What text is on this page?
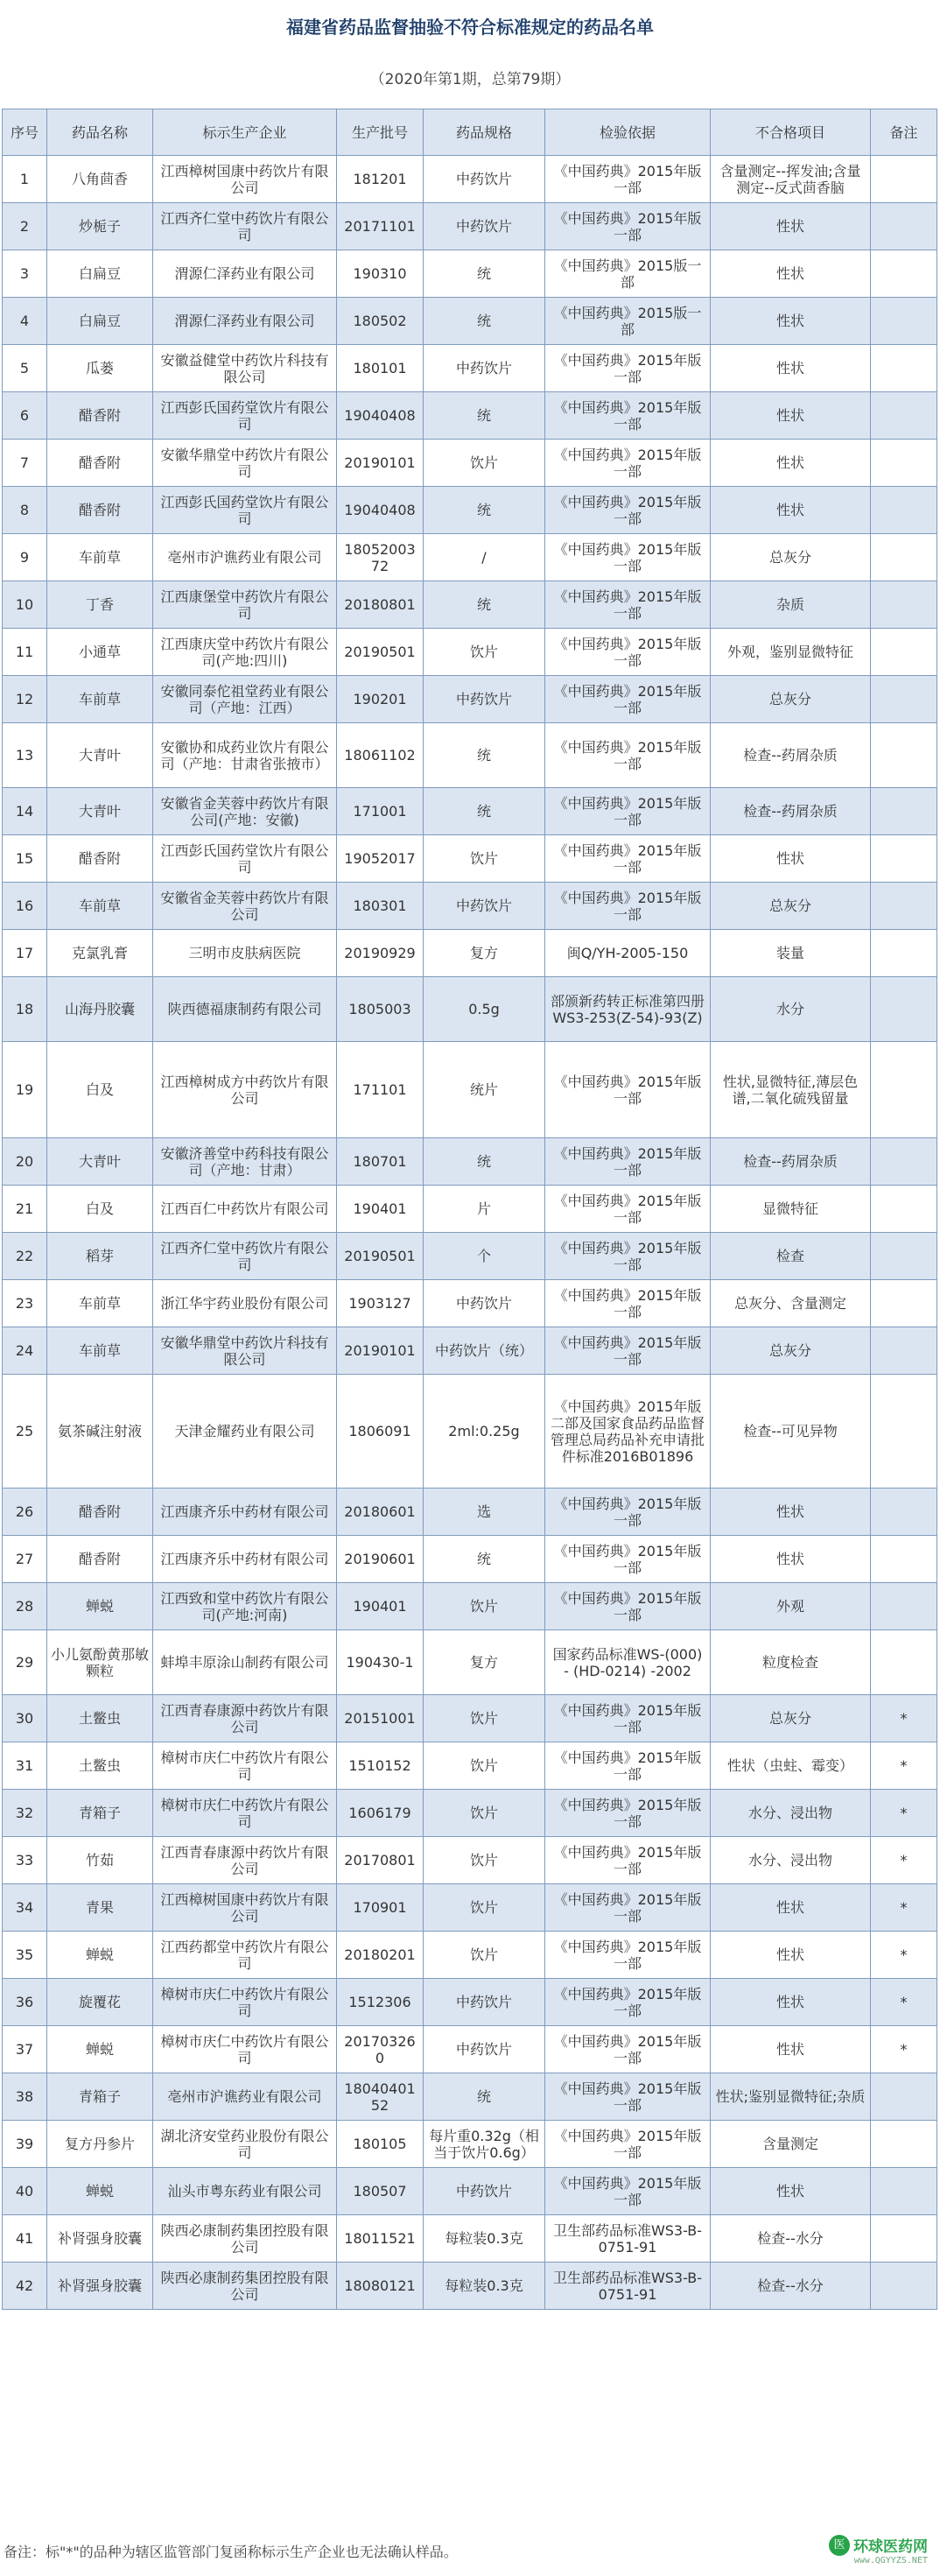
福建省药品监督抽验不符合标准规定的药品名单
（2020年第1期，总第79期）
序号	药品名称	标示生产企业	生产批号	药品规格	检验依据	不合格项目	备注
1	八角茴香	江西樟树国康中药饮片有限公司	181201	中药饮片	《中国药典》2015年版一部	含量测定--挥发油;含量测定--反式茴香脑	
2	炒栀子	江西齐仁堂中药饮片有限公司	20171101	中药饮片	《中国药典》2015年版一部	性状	
3	白扁豆	渭源仁泽药业有限公司	190310	统	《中国药典》2015版一部	性状	
4	白扁豆	渭源仁泽药业有限公司	180502	统	《中国药典》2015版一部	性状	
5	瓜蒌	安徽益健堂中药饮片科技有限公司	180101	中药饮片	《中国药典》2015年版一部	性状	
6	醋香附	江西彭氏国药堂饮片有限公司	19040408	统	《中国药典》2015年版一部	性状	
7	醋香附	安徽华鼎堂中药饮片有限公司	20190101	饮片	《中国药典》2015年版一部	性状	
8	醋香附	江西彭氏国药堂饮片有限公司	19040408	统	《中国药典》2015年版一部	性状	
9	车前草	亳州市沪谯药业有限公司	1805200372	/	《中国药典》2015年版一部	总灰分	
10	丁香	江西康堡堂中药饮片有限公司	20180801	统	《中国药典》2015年版一部	杂质	
11	小通草	江西康庆堂中药饮片有限公司(产地:四川)	20190501	饮片	《中国药典》2015年版一部	外观，鉴别显微特征	
12	车前草	安徽同泰佗祖堂药业有限公司（产地：江西）	190201	中药饮片	《中国药典》2015年版一部	总灰分	
13	大青叶	安徽协和成药业饮片有限公司（产地：甘肃省张掖市）	18061102	统	《中国药典》2015年版一部	检查--药屑杂质	
14	大青叶	安徽省金芙蓉中药饮片有限公司(产地：安徽)	171001	统	《中国药典》2015年版一部	检查--药屑杂质	
15	醋香附	江西彭氏国药堂饮片有限公司	19052017	饮片	《中国药典》2015年版一部	性状	
16	车前草	安徽省金芙蓉中药饮片有限公司	180301	中药饮片	《中国药典》2015年版一部	总灰分	
17	克氯乳膏	三明市皮肤病医院	20190929	复方	闽Q/YH-2005-150	装量	
18	山海丹胶囊	陕西德福康制药有限公司	1805003	0.5g	部颁新药转正标准第四册WS3-253(Z-54)-93(Z)	水分	
19	白及	江西樟树成方中药饮片有限公司	171101	统片	《中国药典》2015年版一部	性状,显微特征,薄层色谱,二氧化硫残留量	
20	大青叶	安徽济善堂中药科技有限公司（产地：甘肃）	180701	统	《中国药典》2015年版一部	检查--药屑杂质	
21	白及	江西百仁中药饮片有限公司	190401	片	《中国药典》2015年版一部	显微特征	
22	稻芽	江西齐仁堂中药饮片有限公司	20190501	个	《中国药典》2015年版一部	检查	
23	车前草	浙江华宇药业股份有限公司	1903127	中药饮片	《中国药典》2015年版一部	总灰分、含量测定	
24	车前草	安徽华鼎堂中药饮片科技有限公司	20190101	中药饮片（统）	《中国药典》2015年版一部	总灰分	
25	氨茶碱注射液	天津金耀药业有限公司	1806091	2ml:0.25g	《中国药典》2015年版二部及国家食品药品监督管理总局药品补充申请批件标准2016B01896	检查--可见异物	
26	醋香附	江西康齐乐中药材有限公司	20180601	选	《中国药典》2015年版一部	性状	
27	醋香附	江西康齐乐中药材有限公司	20190601	统	《中国药典》2015年版一部	性状	
28	蝉蜕	江西致和堂中药饮片有限公司(产地:河南)	190401	饮片	《中国药典》2015年版一部	外观	
29	小儿氨酚黄那敏颗粒	蚌埠丰原涂山制药有限公司	190430-1	复方	国家药品标准WS-(000) - (HD-0214) -2002	粒度检查	
30	土鳖虫	江西青春康源中药饮片有限公司	20151001	饮片	《中国药典》2015年版一部	总灰分	*
31	土鳖虫	樟树市庆仁中药饮片有限公司	1510152	饮片	《中国药典》2015年版一部	性状（虫蛀、霉变）	*
32	青箱子	樟树市庆仁中药饮片有限公司	1606179	饮片	《中国药典》2015年版一部	水分、浸出物	*
33	竹茹	江西青春康源中药饮片有限公司	20170801	饮片	《中国药典》2015年版一部	水分、浸出物	*
34	青果	江西樟树国康中药饮片有限公司	170901	饮片	《中国药典》2015年版一部	性状	*
35	蝉蜕	江西药都堂中药饮片有限公司	20180201	饮片	《中国药典》2015年版一部	性状	*
36	旋覆花	樟树市庆仁中药饮片有限公司	1512306	中药饮片	《中国药典》2015年版一部	性状	*
37	蝉蜕	樟树市庆仁中药饮片有限公司	201703260	中药饮片	《中国药典》2015年版一部	性状	*
38	青箱子	亳州市沪谯药业有限公司	1804040152	统	《中国药典》2015年版一部	性状;鉴别显微特征;杂质	
39	复方丹参片	湖北济安堂药业股份有限公司	180105	每片重0.32g（相当于饮片0.6g）	《中国药典》2015年版一部	含量测定	
40	蝉蜕	汕头市粤东药业有限公司	180507	中药饮片	《中国药典》2015年版一部	性状	
41	补肾强身胶囊	陕西必康制药集团控股有限公司	18011521	每粒装0.3克	卫生部药品标准WS3-B-0751-91	检查--水分	
42	补肾强身胶囊	陕西必康制药集团控股有限公司	18080121	每粒装0.3克	卫生部药品标准WS3-B-0751-91	检查--水分	
备注：标"*"的品种为辖区监管部门复函称标示生产企业也无法确认样品。	医 环球医药网
www.QGYYZS.NET
